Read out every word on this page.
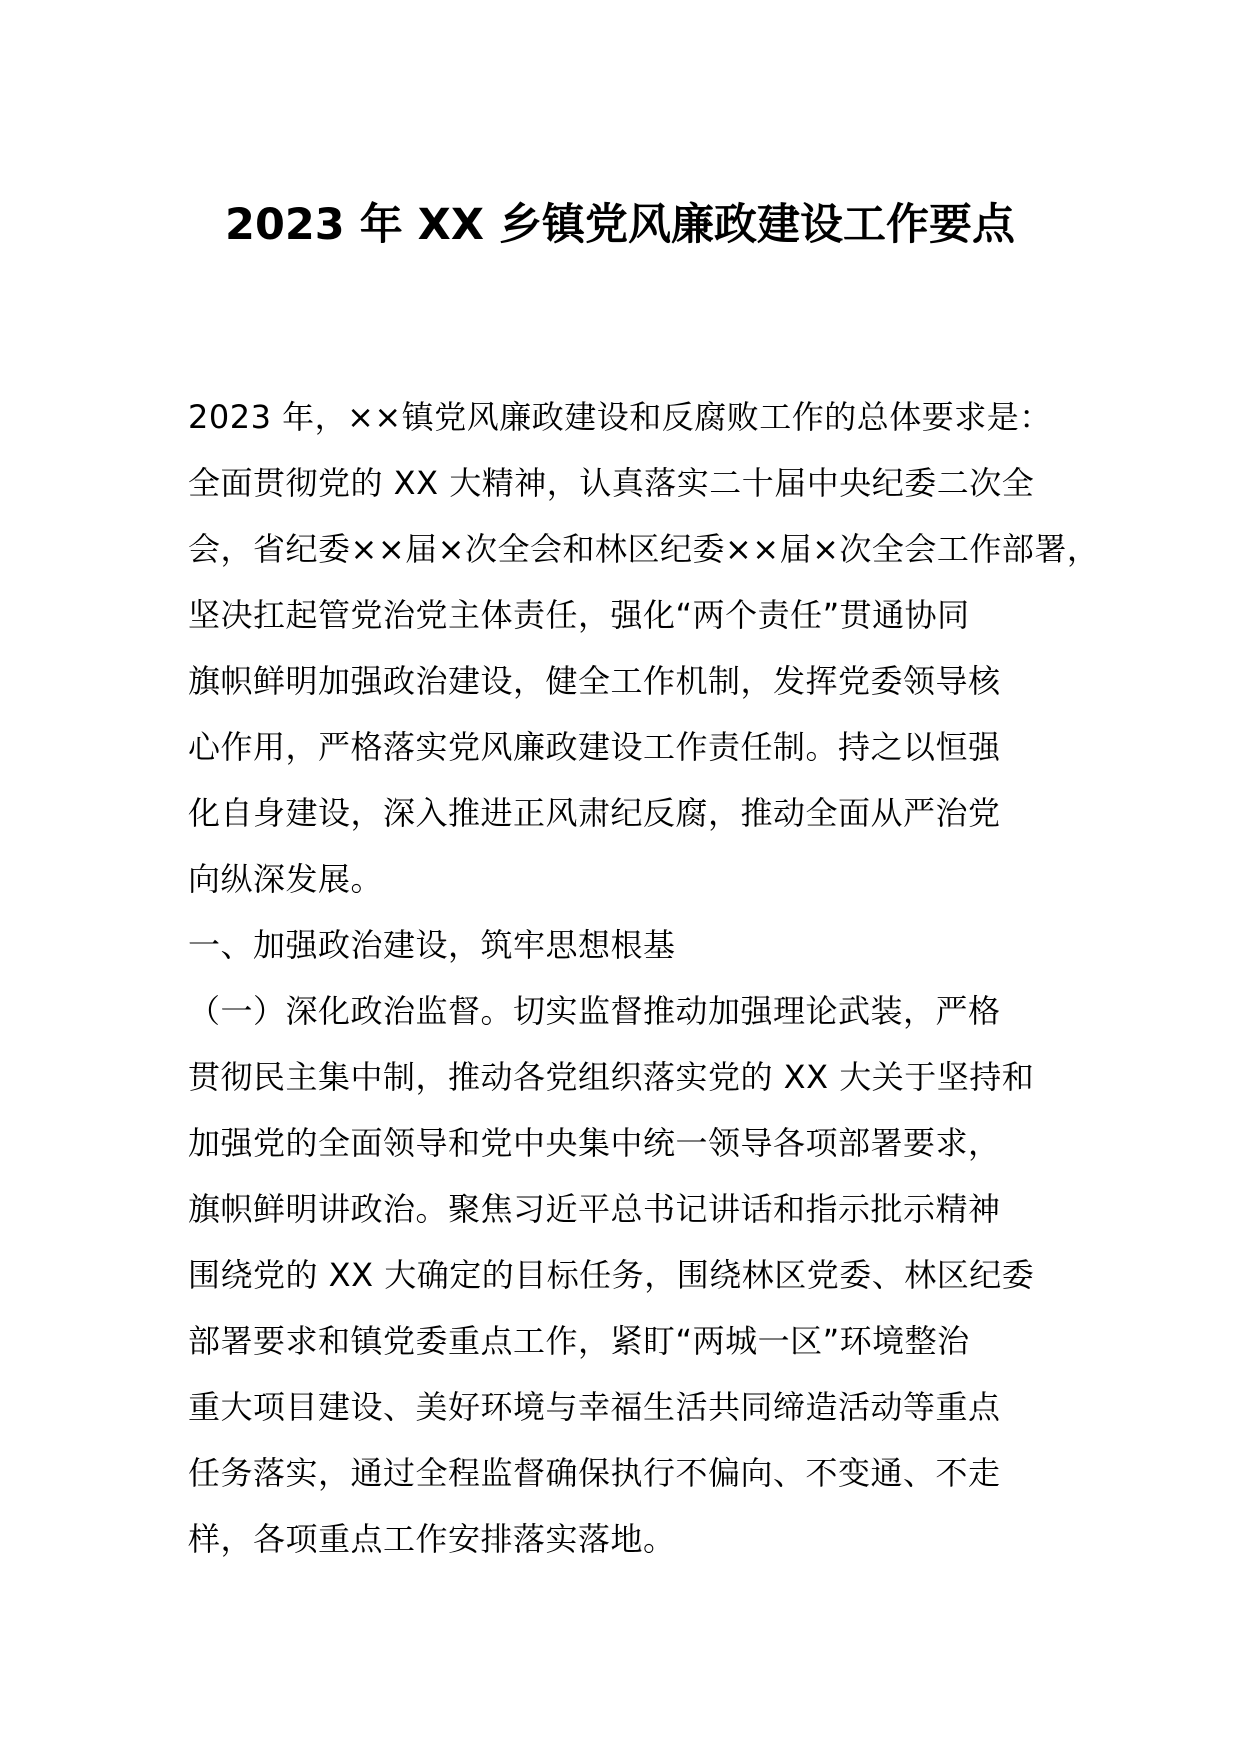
2023 年 XX 乡镇党风廉政建设工作要点
2023 年，××镇党风廉政建设和反腐败工作的总体要求是：
全面贯彻党的 XX 大精神，认真落实二十届中央纪委二次全
会，省纪委××届×次全会和林区纪委××届×次全会工作部署，
坚决扛起管党治党主体责任，强化“两个责任”贯通协同
旗帜鲜明加强政治建设，健全工作机制，发挥党委领导核
心作用，严格落实党风廉政建设工作责任制。持之以恒强
化自身建设，深入推进正风肃纪反腐，推动全面从严治党
向纵深发展。
一、加强政治建设，筑牢思想根基
（一）深化政治监督。切实监督推动加强理论武装，严格
贯彻民主集中制，推动各党组织落实党的 XX 大关于坚持和
加强党的全面领导和党中央集中统一领导各项部署要求，
旗帜鲜明讲政治。聚焦习近平总书记讲话和指示批示精神
围绕党的 XX 大确定的目标任务，围绕林区党委、林区纪委
部署要求和镇党委重点工作，紧盯“两城一区”环境整治
重大项目建设、美好环境与幸福生活共同缔造活动等重点
任务落实，通过全程监督确保执行不偏向、不变通、不走
样，各项重点工作安排落实落地。
